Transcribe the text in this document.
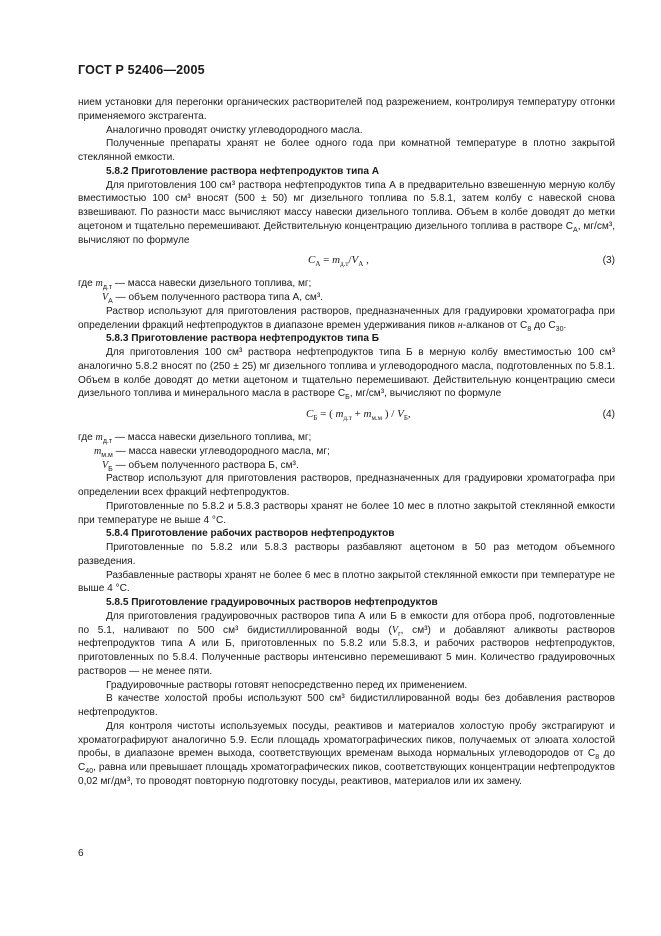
ГОСТ Р 52406—2005

нием установки для перегонки органических растворителей под разрежением, контролируя температуру отгонки применяемого экстрагента.

Аналогично проводят очистку углеводородного масла.

Полученные препараты хранят не более одного года при комнатной температуре в плотно закрытой стеклянной емкости.

5.8.2 Приготовление раствора нефтепродуктов типа А

Для приготовления 100 см³ раствора нефтепродуктов типа А в предварительно взвешенную мерную колбу вместимостью 100 см³ вносят (500 ± 50) мг дизельного топлива по 5.8.1, затем колбу с навеской снова взвешивают. По разности масс вычисляют массу навески дизельного топлива. Объем в колбе доводят до метки ацетоном и тщательно перемешивают. Действительную концентрацию дизельного топлива в растворе $С_А$, мг/см³, вычисляют по формуле

$C_A = m_{д.т}/V_A$ ,	(3)

где $m_{д.т}$ — масса навески дизельного топлива, мг;

$V_А$ — объем полученного раствора типа А, см³.

Раствор используют для приготовления растворов, предназначенных для градуировки хроматографа при определении фракций нефтепродуктов в диапазоне времен удерживания пиков н-алканов от $С_8$ до $С_{30}$.

5.8.3 Приготовление раствора нефтепродуктов типа Б

Для приготовления 100 см³ раствора нефтепродуктов типа Б в мерную колбу вместимостью 100 см³ аналогично 5.8.2 вносят по (250 ± 25) мг дизельного топлива и углеводородного масла, подготовленных по 5.8.1. Объем в колбе доводят до метки ацетоном и тщательно перемешивают. Действительную концентрацию смеси дизельного топлива и минерального масла в растворе $С_Б$, мг/см³, вычисляют по формуле

$C_Б$ = ( $m_{д.т} + m_{м.м}$ ) / $V_Б$,	(4)

где $m_{д.т}$ — масса навески дизельного топлива, мг;

$m_{м.м}$ — масса навески углеводородного масла, мг;

$V_Б$ — объем полученного раствора Б, см³.

Раствор используют для приготовления растворов, предназначенных для градуировки хроматографа при определении всех фракций нефтепродуктов.

Приготовленные по 5.8.2 и 5.8.3 растворы хранят не более 10 мес в плотно закрытой стеклянной емкости при температуре не выше 4 °С.

5.8.4 Приготовление рабочих растворов нефтепродуктов

Приготовленные по 5.8.2 или 5.8.3 растворы разбавляют ацетоном в 50 раз методом объемного разведения.

Разбавленные растворы хранят не более 6 мес в плотно закрытой стеклянной емкости при температуре не выше 4 °С.

5.8.5 Приготовление градуировочных растворов нефтепродуктов

Для приготовления градуировочных растворов типа А или Б в емкости для отбора проб, подготовленные по 5.1, наливают по 500 см³ бидистиллированной воды ($V_г$, см³) и добавляют аликвоты растворов нефтепродуктов типа А или Б, приготовленных по 5.8.2 или 5.8.3, и рабочих растворов нефтепродуктов, приготовленных по 5.8.4. Полученные растворы интенсивно перемешивают 5 мин. Количество градуировочных растворов — не менее пяти.

Градуировочные растворы готовят непосредственно перед их применением.

В качестве холостой пробы используют 500 см³ бидистиллированной воды без добавления растворов нефтепродуктов.

Для контроля чистоты используемых посуды, реактивов и материалов холостую пробу экстрагируют и хроматографируют аналогично 5.9. Если площадь хроматографических пиков, получаемых от элюата холостой пробы, в диапазоне времен выхода, соответствующих временам выхода нормальных углеводородов от $С_8$ до $С_{40}$, равна или превышает площадь хроматографических пиков, соответствующих концентрации нефтепродуктов 0,02 мг/дм³, то проводят повторную подготовку посуды, реактивов, материалов или их замену.

6
